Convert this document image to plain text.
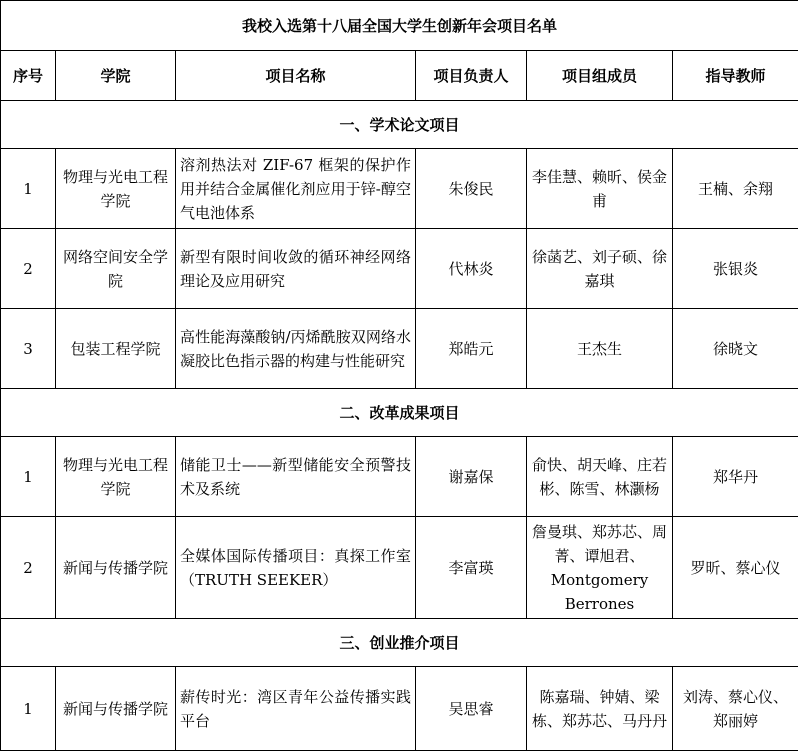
我校入选第十八届全国大学生创新年会项目名单					
序号	学院	项目名称	项目负责人	项目组成员	指导教师
一、学术论文项目					
1	物理与光电工程学院	溶剂热法对 ZIF-67 框架的保护作用并结合金属催化剂应用于锌-醇空气电池体系	朱俊民	李佳慧、赖昕、侯金甫	王楠、余翔
2	网络空间安全学院	新型有限时间收敛的循环神经网络理论及应用研究	代林炎	徐菡艺、刘子硕、徐嘉琪	张银炎
3	包装工程学院	高性能海藻酸钠/丙烯酰胺双网络水凝胶比色指示器的构建与性能研究	郑皓元	王杰生	徐晓文
二、改革成果项目					
1	物理与光电工程学院	储能卫士——新型储能安全预警技术及系统	谢嘉保	俞快、胡天峰、庄若彬、陈雪、林灏杨	郑华丹
2	新闻与传播学院	全媒体国际传播项目：真探工作室（TRUTH SEEKER）	李富瑛	詹曼琪、郑苏芯、周菁、谭旭君、Montgomery Berrones	罗昕、蔡心仪
三、创业推介项目					
1	新闻与传播学院	薪传时光：湾区青年公益传播实践平台	吴思睿	陈嘉瑞、钟婧、梁栋、郑苏芯、马丹丹	刘涛、蔡心仪、郑丽婷
